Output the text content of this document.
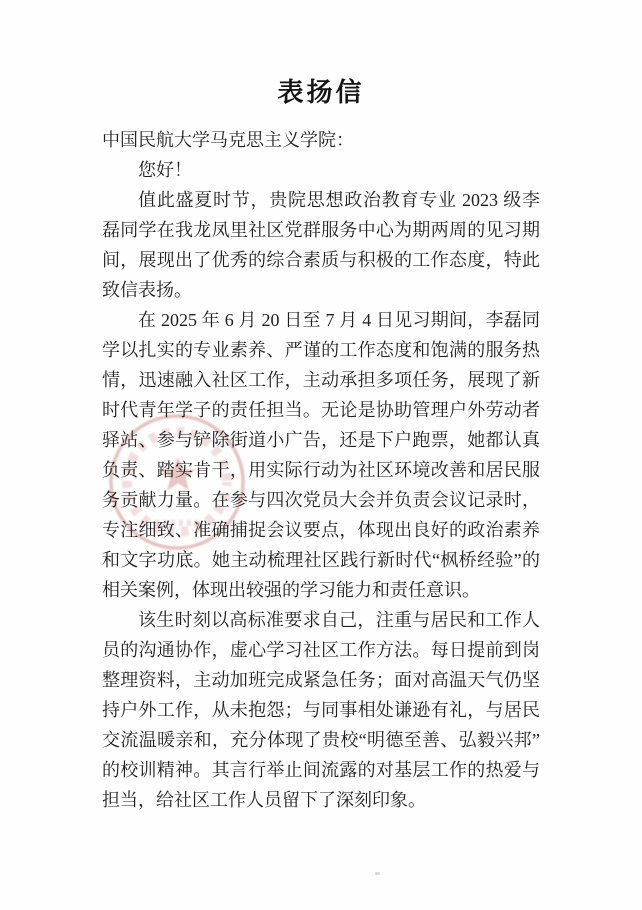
表扬信

中国民航大学马克思主义学院：

您好！

值此盛夏时节，贵院思想政治教育专业 2023 级李磊同学在我龙凤里社区党群服务中心为期两周的见习期间，展现出了优秀的综合素质与积极的工作态度，特此致信表扬。

在 2025 年 6 月 20 日至 7 月 4 日见习期间，李磊同学以扎实的专业素养、严谨的工作态度和饱满的服务热情，迅速融入社区工作，主动承担多项任务，展现了新时代青年学子的责任担当。无论是协助管理户外劳动者驿站、参与铲除街道小广告，还是下户跑票，她都认真负责、踏实肯干，用实际行动为社区环境改善和居民服务贡献力量。在参与四次党员大会并负责会议记录时，专注细致、准确捕捉会议要点，体现出良好的政治素养和文字功底。她主动梳理社区践行新时代“枫桥经验”的相关案例，体现出较强的学习能力和责任意识。

该生时刻以高标准要求自己，注重与居民和工作人员的沟通协作，虚心学习社区工作方法。每日提前到岗整理资料，主动加班完成紧急任务；面对高温天气仍坚持户外工作，从未抱怨；与同事相处谦逊有礼，与居民交流温暖亲和，充分体现了贵校“明德至善、弘毅兴邦”的校训精神。其言行举止间流露的对基层工作的热爱与担当，给社区工作人员留下了深刻印象。
